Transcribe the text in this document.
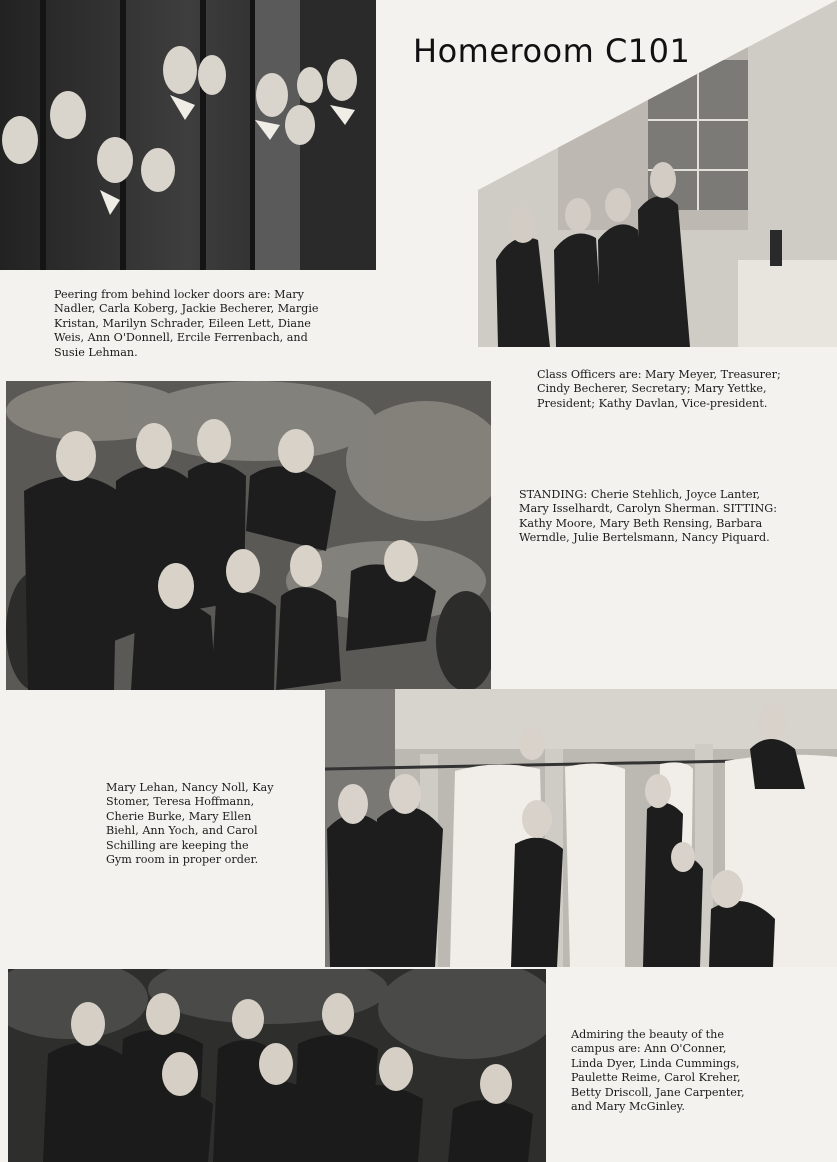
Homeroom C101
Peering from behind locker doors are: Mary
Nadler, Carla Koberg, Jackie Becherer, Margie
Kristan, Marilyn Schrader, Eileen Lett, Diane
Weis, Ann O'Donnell, Ercile Ferrenbach, and
Susie Lehman.
Class Officers are: Mary Meyer, Treasurer;
Cindy Becherer, Secretary; Mary Yettke,
President; Kathy Davlan, Vice-president.
STANDING: Cherie Stehlich, Joyce Lanter,
Mary Isselhardt, Carolyn Sherman. SITTING:
Kathy Moore, Mary Beth Rensing, Barbara
Werndle, Julie Bertelsmann, Nancy Piquard.
Mary Lehan, Nancy Noll, Kay
Stomer, Teresa Hoffmann,
Cherie Burke, Mary Ellen
Biehl, Ann Yoch, and Carol
Schilling are keeping the
Gym room in proper order.
Admiring the beauty of the
campus are: Ann O'Conner,
Linda Dyer, Linda Cummings,
Paulette Reime, Carol Kreher,
Betty Driscoll, Jane Carpenter,
and Mary McGinley.
